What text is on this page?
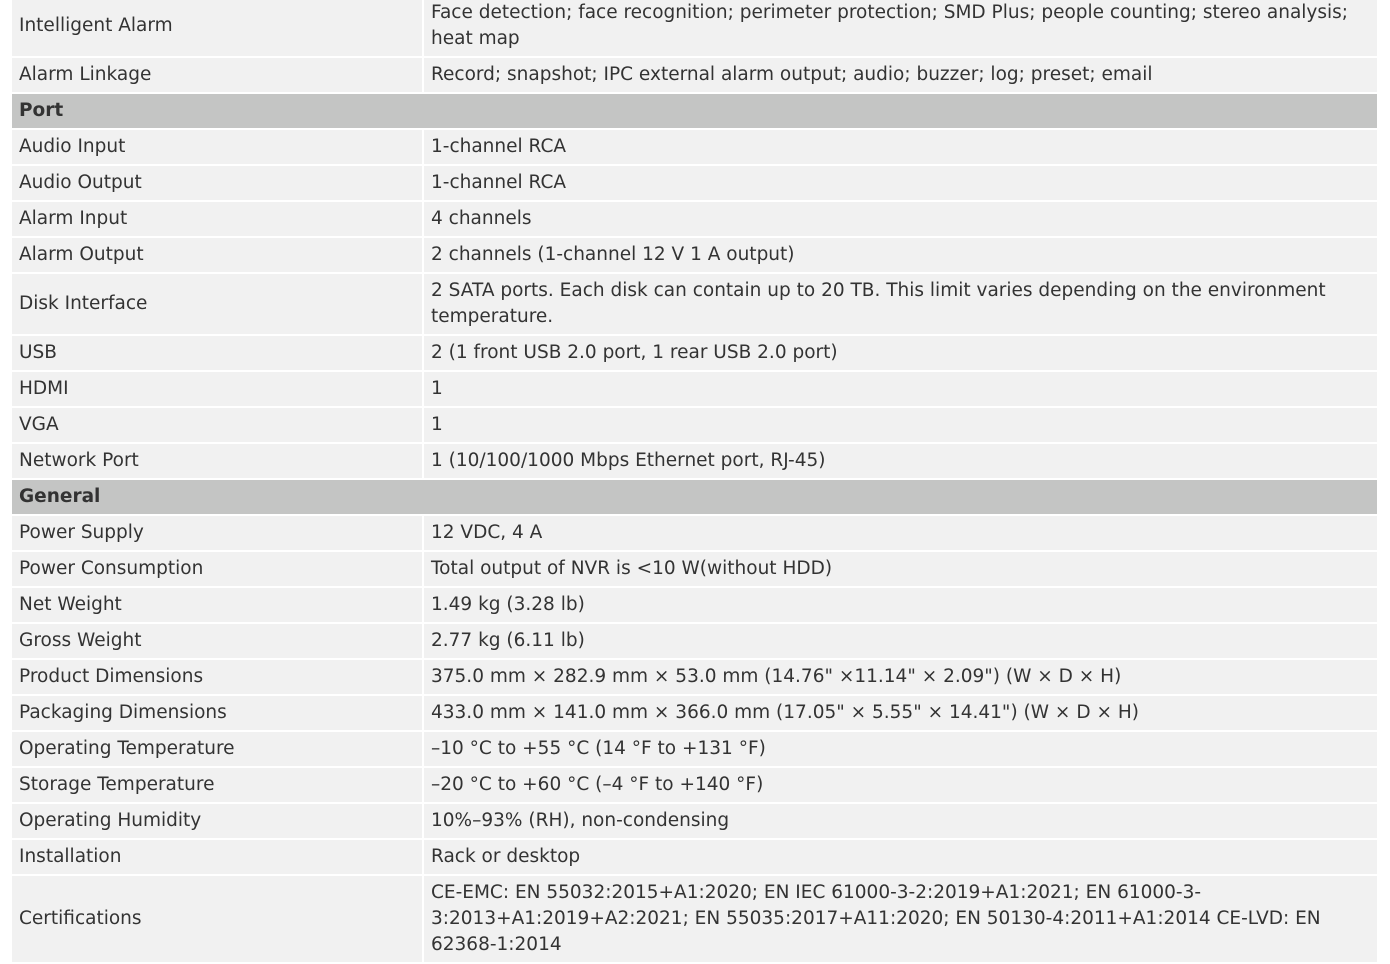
Intelligent Alarm	Face detection; face recognition; perimeter protection; SMD Plus; people counting; stereo analysis; heat map
Alarm Linkage	Record; snapshot; IPC external alarm output; audio; buzzer; log; preset; email
Port	
Audio Input	1-channel RCA
Audio Output	1-channel RCA
Alarm Input	4 channels
Alarm Output	2 channels (1-channel 12 V 1 A output)
Disk Interface	2 SATA ports. Each disk can contain up to 20 TB. This limit varies depending on the environment temperature.
USB	2 (1 front USB 2.0 port, 1 rear USB 2.0 port)
HDMI	1
VGA	1
Network Port	1 (10/100/1000 Mbps Ethernet port, RJ-45)
General	
Power Supply	12 VDC, 4 A
Power Consumption	Total output of NVR is <10 W(without HDD)
Net Weight	1.49 kg (3.28 lb)
Gross Weight	2.77 kg (6.11 lb)
Product Dimensions	375.0 mm × 282.9 mm × 53.0 mm (14.76" ×11.14" × 2.09") (W × D × H)
Packaging Dimensions	433.0 mm × 141.0 mm × 366.0 mm (17.05" × 5.55" × 14.41") (W × D × H)
Operating Temperature	–10 °C to +55 °C (14 °F to +131 °F)
Storage Temperature	–20 °C to +60 °C (–4 °F to +140 °F)
Operating Humidity	10%–93% (RH), non-condensing
Installation	Rack or desktop
Certifications	CE-EMC: EN 55032:2015+A1:2020; EN IEC 61000-3-2:2019+A1:2021; EN 61000-3-3:2013+A1:2019+A2:2021; EN 55035:2017+A11:2020; EN 50130-4:2011+A1:2014 CE-LVD: EN 62368-1:2014
